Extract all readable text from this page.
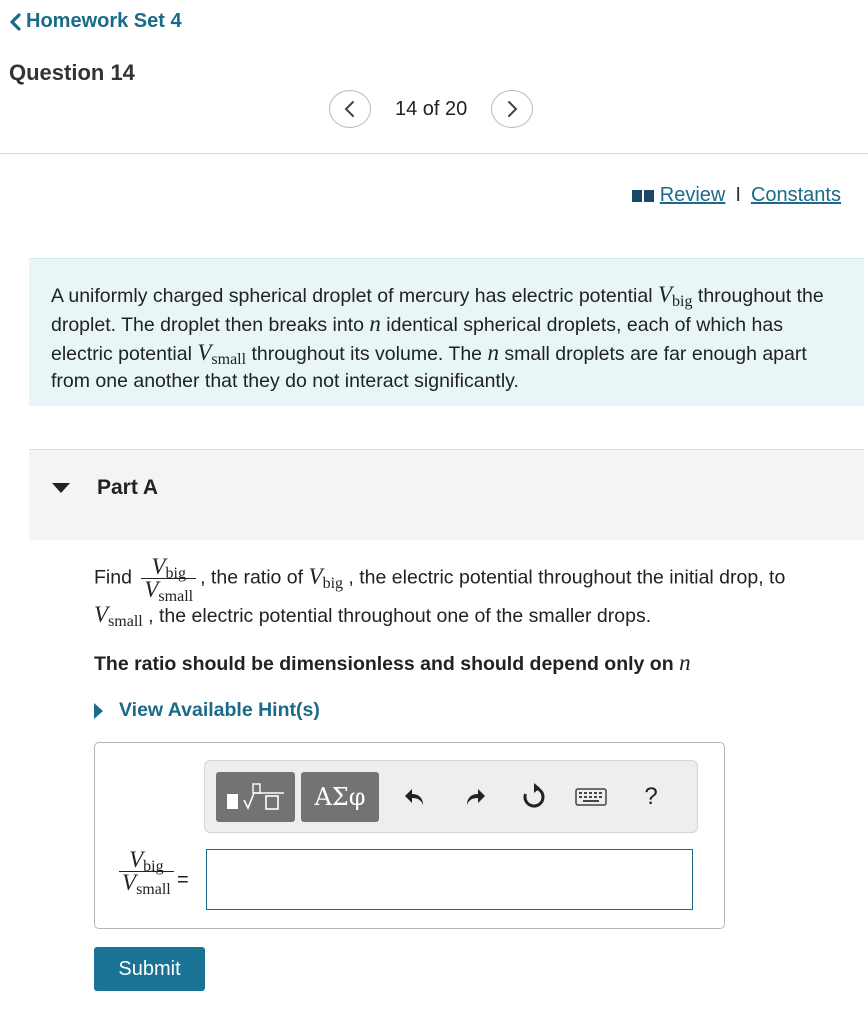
Homework Set 4
Question 14
14 of 20
Review I Constants
A uniformly charged spherical droplet of mercury has electric potential $V_{big}$ throughout the droplet. The droplet then breaks into n identical spherical droplets, each of which has electric potential $V_{small}$ throughout its volume. The n small droplets are far enough apart from one another that they do not interact significantly.
Part A
Find $\frac{V_{big}}{V_{small}}$ , the ratio of $V_{big}$ , the electric potential throughout the initial drop, to
$V_{small}$ , the electric potential throughout one of the smaller drops.
The ratio should be dimensionless and should depend only on n
View Available Hint(s)
ΑΣφ	?
$\frac{V_{big}}{V_{small}}$ =
Submit
